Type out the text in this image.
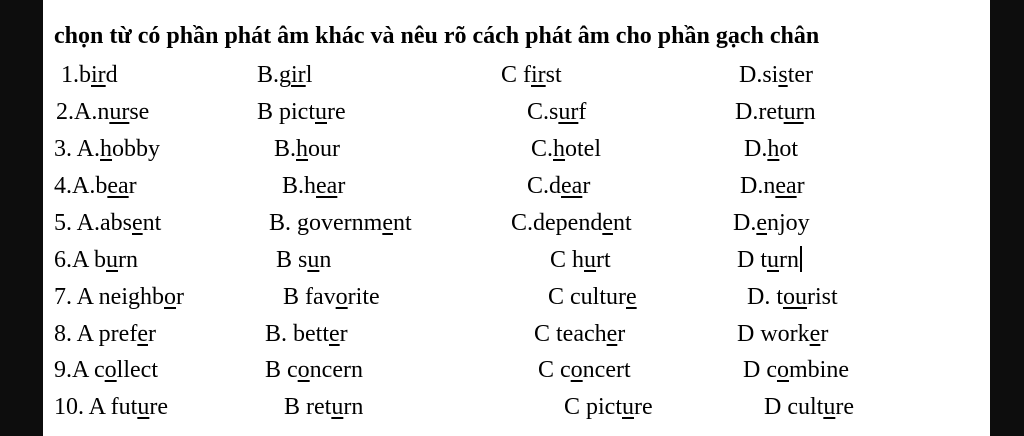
chọn từ có phần phát âm khác và nêu rõ cách phát âm cho phần gạch chân
1.bird	B.girl	C first	D.sister
2.A.nurse	B picture	C.surf	D.return
3. A.hobby	B.hour	C.hotel	D.hot
4.A.bear	B.hear	C.dear	D.near
5. A.absent	B. government	C.dependent	D.enjoy
6.A burn	B sun	C hurt	D turn
7. A neighbor	B favorite	C culture	D. tourist
8. A prefer	B. better	C teacher	D worker
9.A collect	B concern	C concert	D combine
10. A future	B return	C picture	D culture
